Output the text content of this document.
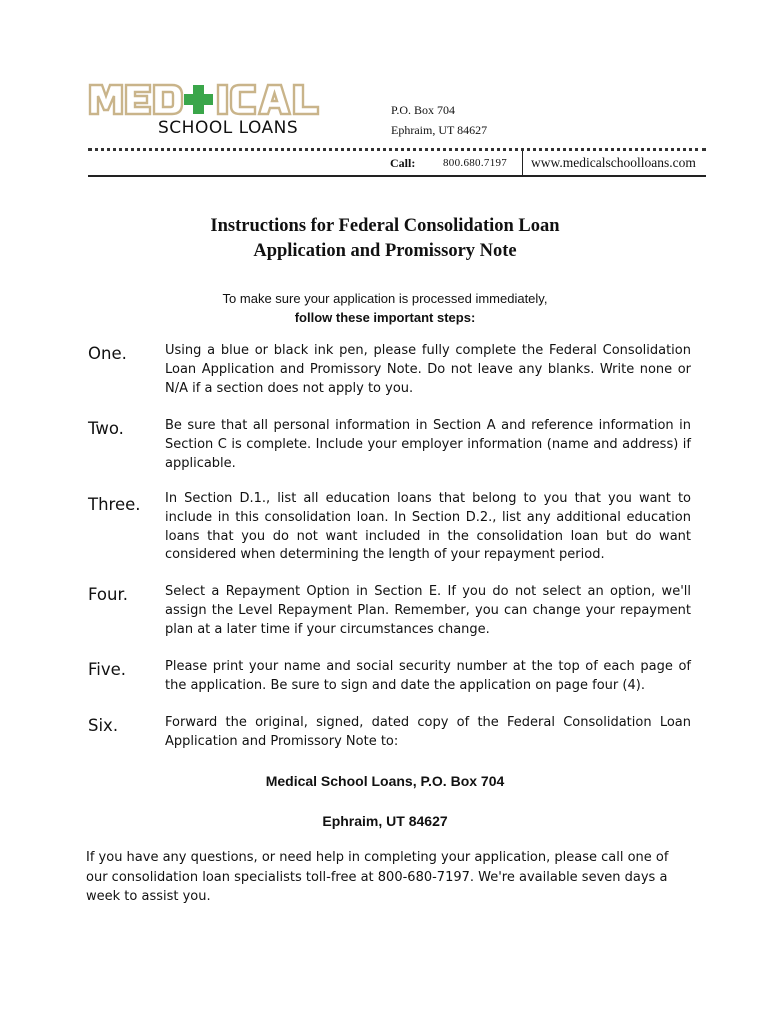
SCHOOL LOANS
P.O. Box 704
Ephraim, UT 84627
Call:	800.680.7197 www.medicalschoolloans.com
Instructions for Federal Consolidation Loan
Application and Promissory Note
To make sure your application is processed immediately,
follow these important steps:
One.	Using a blue or black ink pen, please fully complete the Federal Consolidation Loan Application and Promissory Note. Do not leave any blanks. Write none or N/A if a section does not apply to you.
Two.	Be sure that all personal information in Section A and reference information in Section C is complete. Include your employer information (name and address) if applicable.
Three. In Section D.1., list all education loans that belong to you that you want to include in this consolidation loan. In Section D.2., list any additional education loans that you do not want included in the consolidation loan but do want considered when determining the length of your repayment period.
Four.	Select a Repayment Option in Section E. If you do not select an option, we'll assign the Level Repayment Plan. Remember, you can change your repayment plan at a later time if your circumstances change.
Five.	Please print your name and social security number at the top of each page of the application. Be sure to sign and date the application on page four (4).
Six.	Forward the original, signed, dated copy of the Federal Consolidation Loan Application and Promissory Note to:
Medical School Loans, P.O. Box 704
Ephraim, UT 84627
If you have any questions, or need help in completing your application, please call one of our consolidation loan specialists toll-free at 800-680-7197. We're available seven days a week to assist you.
